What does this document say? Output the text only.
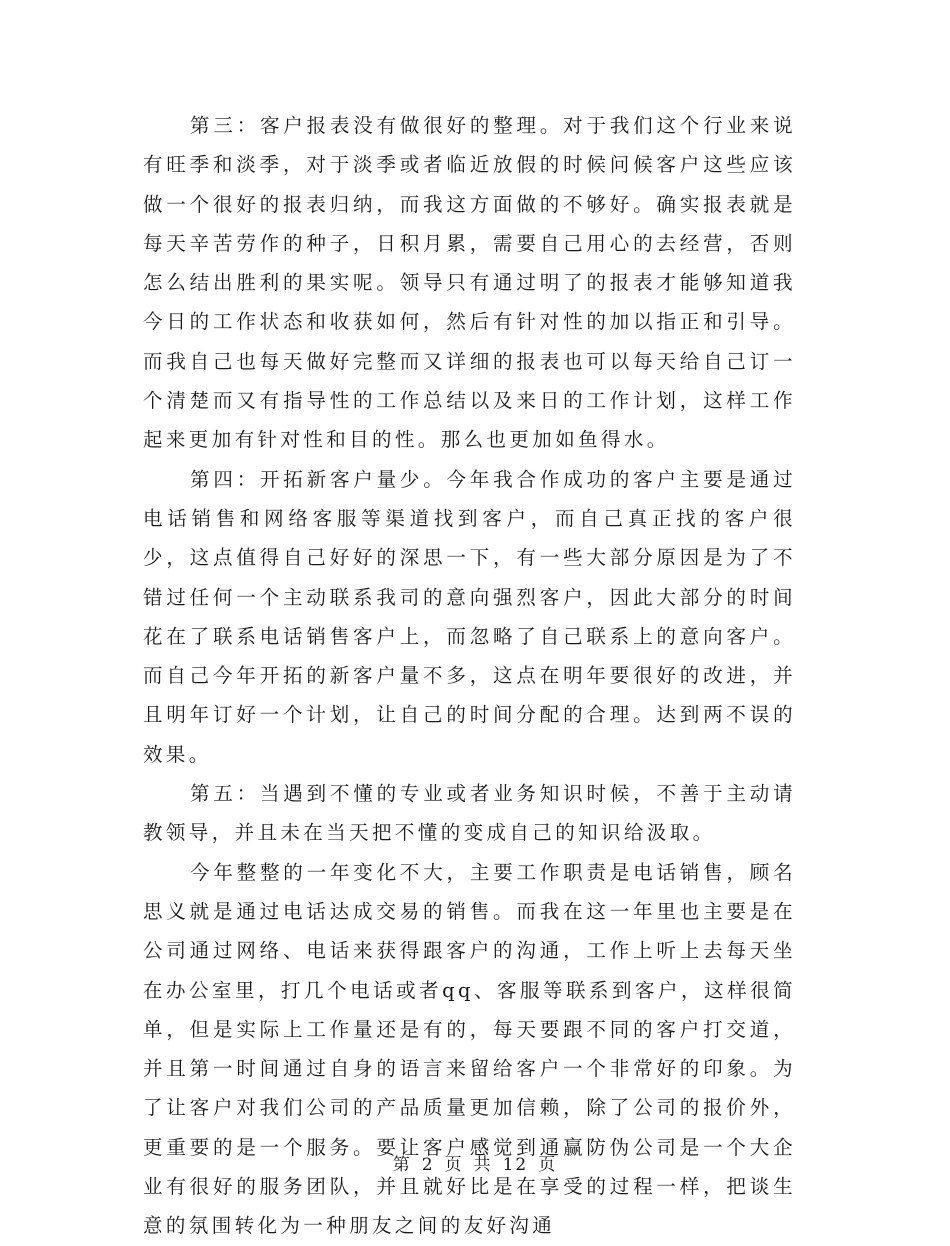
第三：客户报表没有做很好的整理。对于我们这个行业来说有旺季和淡季，对于淡季或者临近放假的时候问候客户这些应该做一个很好的报表归纳，而我这方面做的不够好。确实报表就是每天辛苦劳作的种子，日积月累，需要自己用心的去经营，否则怎么结出胜利的果实呢。领导只有通过明了的报表才能够知道我今日的工作状态和收获如何，然后有针对性的加以指正和引导。而我自己也每天做好完整而又详细的报表也可以每天给自己订一个清楚而又有指导性的工作总结以及来日的工作计划，这样工作起来更加有针对性和目的性。那么也更加如鱼得水。

第四：开拓新客户量少。今年我合作成功的客户主要是通过电话销售和网络客服等渠道找到客户，而自己真正找的客户很少，这点值得自己好好的深思一下，有一些大部分原因是为了不错过任何一个主动联系我司的意向强烈客户，因此大部分的时间花在了联系电话销售客户上，而忽略了自己联系上的意向客户。而自己今年开拓的新客户量不多，这点在明年要很好的改进，并且明年订好一个计划，让自己的时间分配的合理。达到两不误的效果。

第五：当遇到不懂的专业或者业务知识时候，不善于主动请教领导，并且未在当天把不懂的变成自己的知识给汲取。

今年整整的一年变化不大，主要工作职责是电话销售，顾名思义就是通过电话达成交易的销售。而我在这一年里也主要是在公司通过网络、电话来获得跟客户的沟通，工作上听上去每天坐在办公室里，打几个电话或者qq、客服等联系到客户，这样很简单，但是实际上工作量还是有的，每天要跟不同的客户打交道，并且第一时间通过自身的语言来留给客户一个非常好的印象。为了让客户对我们公司的产品质量更加信赖，除了公司的报价外，更重要的是一个服务。要让客户感觉到通赢防伪公司是一个大企业有很好的服务团队，并且就好比是在享受的过程一样，把谈生意的氛围转化为一种朋友之间的友好沟通

第 2 页 共 12 页
